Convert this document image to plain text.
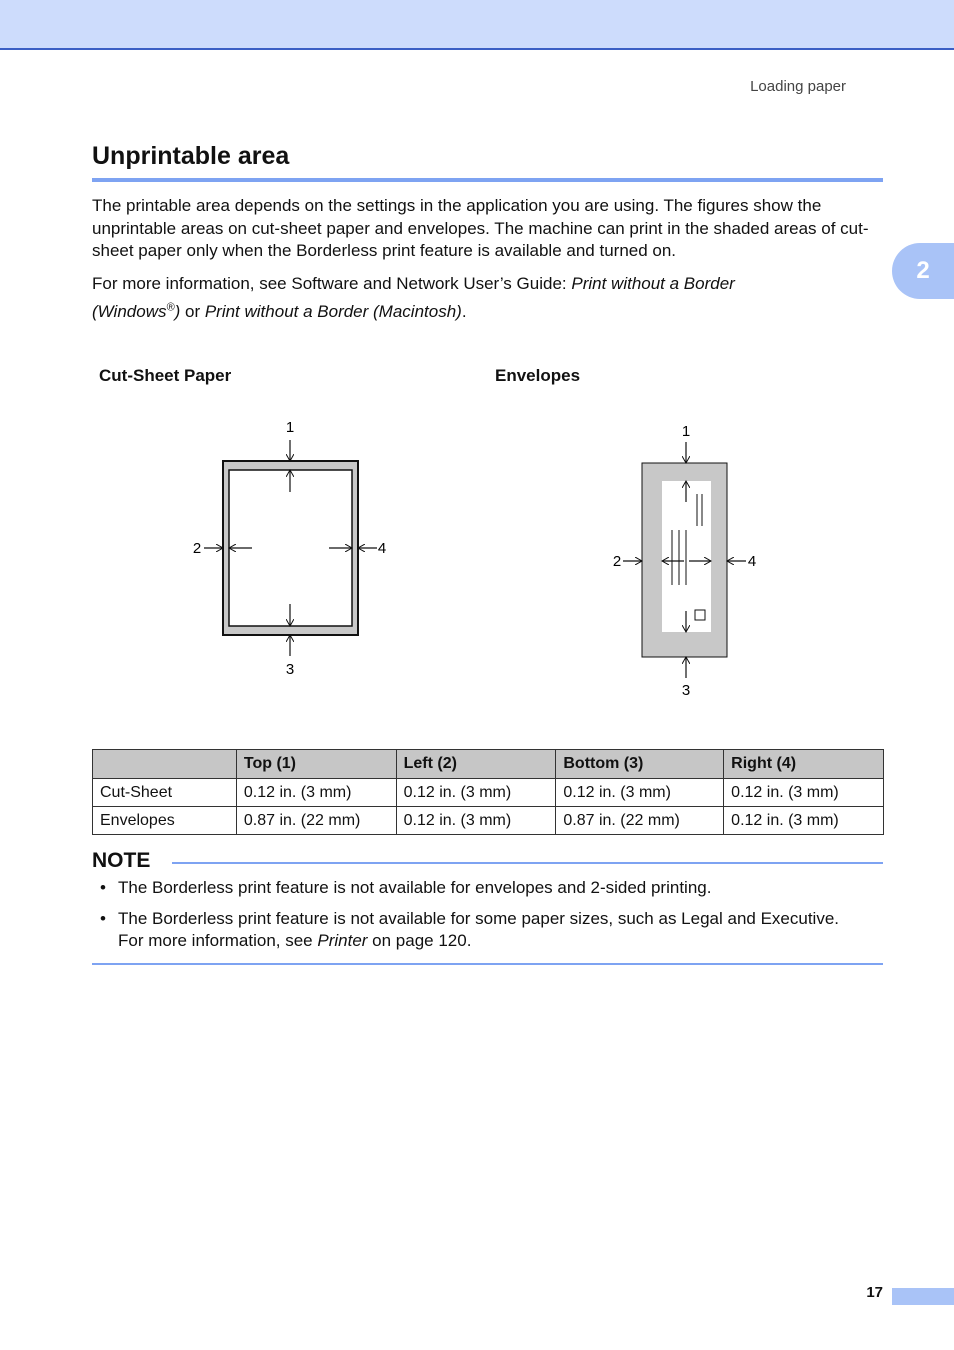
Loading paper
2
Unprintable area

The printable area depends on the settings in the application you are using. The figures show the unprintable areas on cut-sheet paper and envelopes. The machine can print in the shaded areas of cut-sheet paper only when the Borderless print feature is available and turned on.

For more information, see Software and Network User’s Guide: Print without a Border
(Windows®) or Print without a Border (Macintosh).

Cut-Sheet Paper	Envelopes
1
2
3
4
1
2
3
4
	Top (1)	Left (2)	Bottom (3)	Right (4)
Cut-Sheet	0.12 in. (3 mm)	0.12 in. (3 mm)	0.12 in. (3 mm)	0.12 in. (3 mm)
Envelopes	0.87 in. (22 mm)	0.12 in. (3 mm)	0.87 in. (22 mm)	0.12 in. (3 mm)
NOTE
• The Borderless print feature is not available for envelopes and 2-sided printing.
• The Borderless print feature is not available for some paper sizes, such as Legal and Executive. For more information, see Printer on page 120.
17
